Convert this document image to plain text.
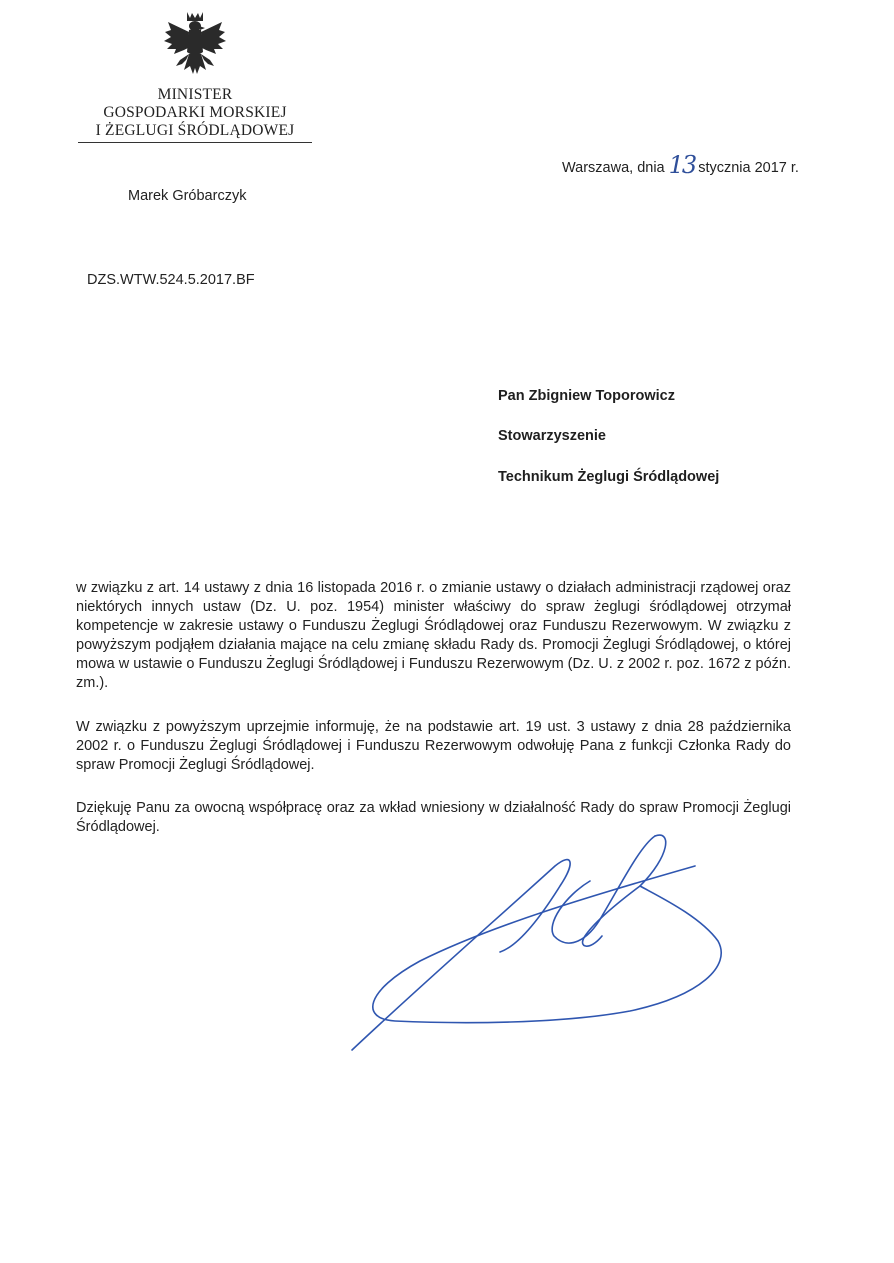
MINISTER
GOSPODARKI MORSKIEJ
I ŻEGLUGI ŚRÓDLĄDOWEJ
Warszawa, dnia 13 stycznia 2017 r.
Marek Gróbarczyk
DZS.WTW.524.5.2017.BF
Pan Zbigniew Toporowicz
Stowarzyszenie
Technikum Żeglugi Śródlądowej

w związku z art. 14 ustawy z dnia 16 listopada 2016 r. o zmianie ustawy o działach administracji rządowej oraz niektórych innych ustaw (Dz. U. poz. 1954) minister właściwy do spraw żeglugi śródlądowej otrzymał kompetencje w zakresie ustawy o Funduszu Żeglugi Śródlądowej oraz Funduszu Rezerwowym. W związku z powyższym podjąłem działania mające na celu zmianę składu Rady ds. Promocji Żeglugi Śródlądowej, o której mowa w ustawie o Funduszu Żeglugi Śródlądowej i Funduszu Rezerwowym (Dz. U. z 2002 r. poz. 1672 z późn. zm.).

W związku z powyższym uprzejmie informuję, że na podstawie art. 19 ust. 3 ustawy z dnia 28 października 2002 r. o Funduszu Żeglugi Śródlądowej i Funduszu Rezerwowym odwołuję Pana z funkcji Członka Rady do spraw Promocji Żeglugi Śródlądowej.

Dziękuję Panu za owocną współpracę oraz za wkład wniesiony w działalność Rady do spraw Promocji Żeglugi Śródlądowej.
